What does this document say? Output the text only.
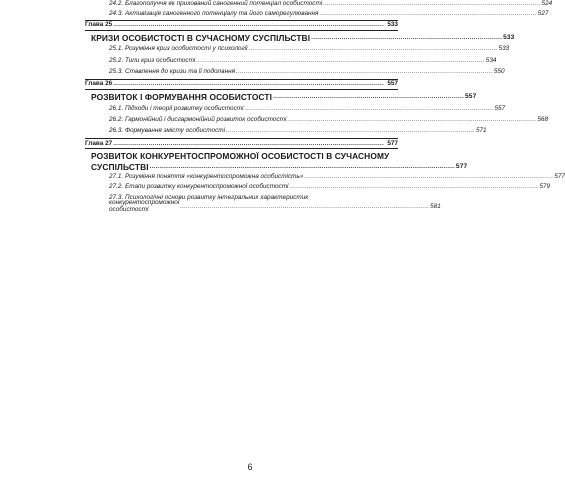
24.2. Благополуччя як прихований саногенний потенціал особистості .............................................................................................................. 524
24.3. Активізація саногенного потенціалу та його саморегулювання .............................................................................................................. 527
Глава 25 ......................................................................................................................................... 533
КРИЗИ ОСОБИСТОСТІ В СУЧАСНОМУ СУСПІЛЬСТВІ .............................................................................................. 533
25.1. Розуміння криз особистості у психології .............................................................................................................................. 533
25.2. Типи криз особистості .................................................................................................................................................. 534
25.3. Ставлення до кризи та її подолання .................................................................................................................................. 550
Глава 26 ......................................................................................................................................... 557
РОЗВИТОК І ФОРМУВАННЯ ОСОБИСТОСТІ .............................................................................................. 557
26.1. Підходи і теорії розвитку особистості .............................................................................................................................. 557
26.2. Гармонійний і дисгармонійний розвиток особистості .............................................................................................................................. 568
26.3. Формування змісту особистості .............................................................................................................................. 571
Глава 27 ......................................................................................................................................... 577
РОЗВИТОК КОНКУРЕНТОСПРОМОЖНОЇ ОСОБИСТОСТІ В СУЧАСНОМУ
СУСПІЛЬСТВІ .............................................................................................................................................................. 577
27.1. Розуміння поняття «конкурентоспроможна особистість» .............................................................................................................................. 577
27.2. Етапи розвитку конкурентоспроможної особистості .............................................................................................................................. 579
27.3. Психологічні основи розвитку інтегральних характеристик
конкурентоспроможної особистості	.............................................................................................................................. 581
6
